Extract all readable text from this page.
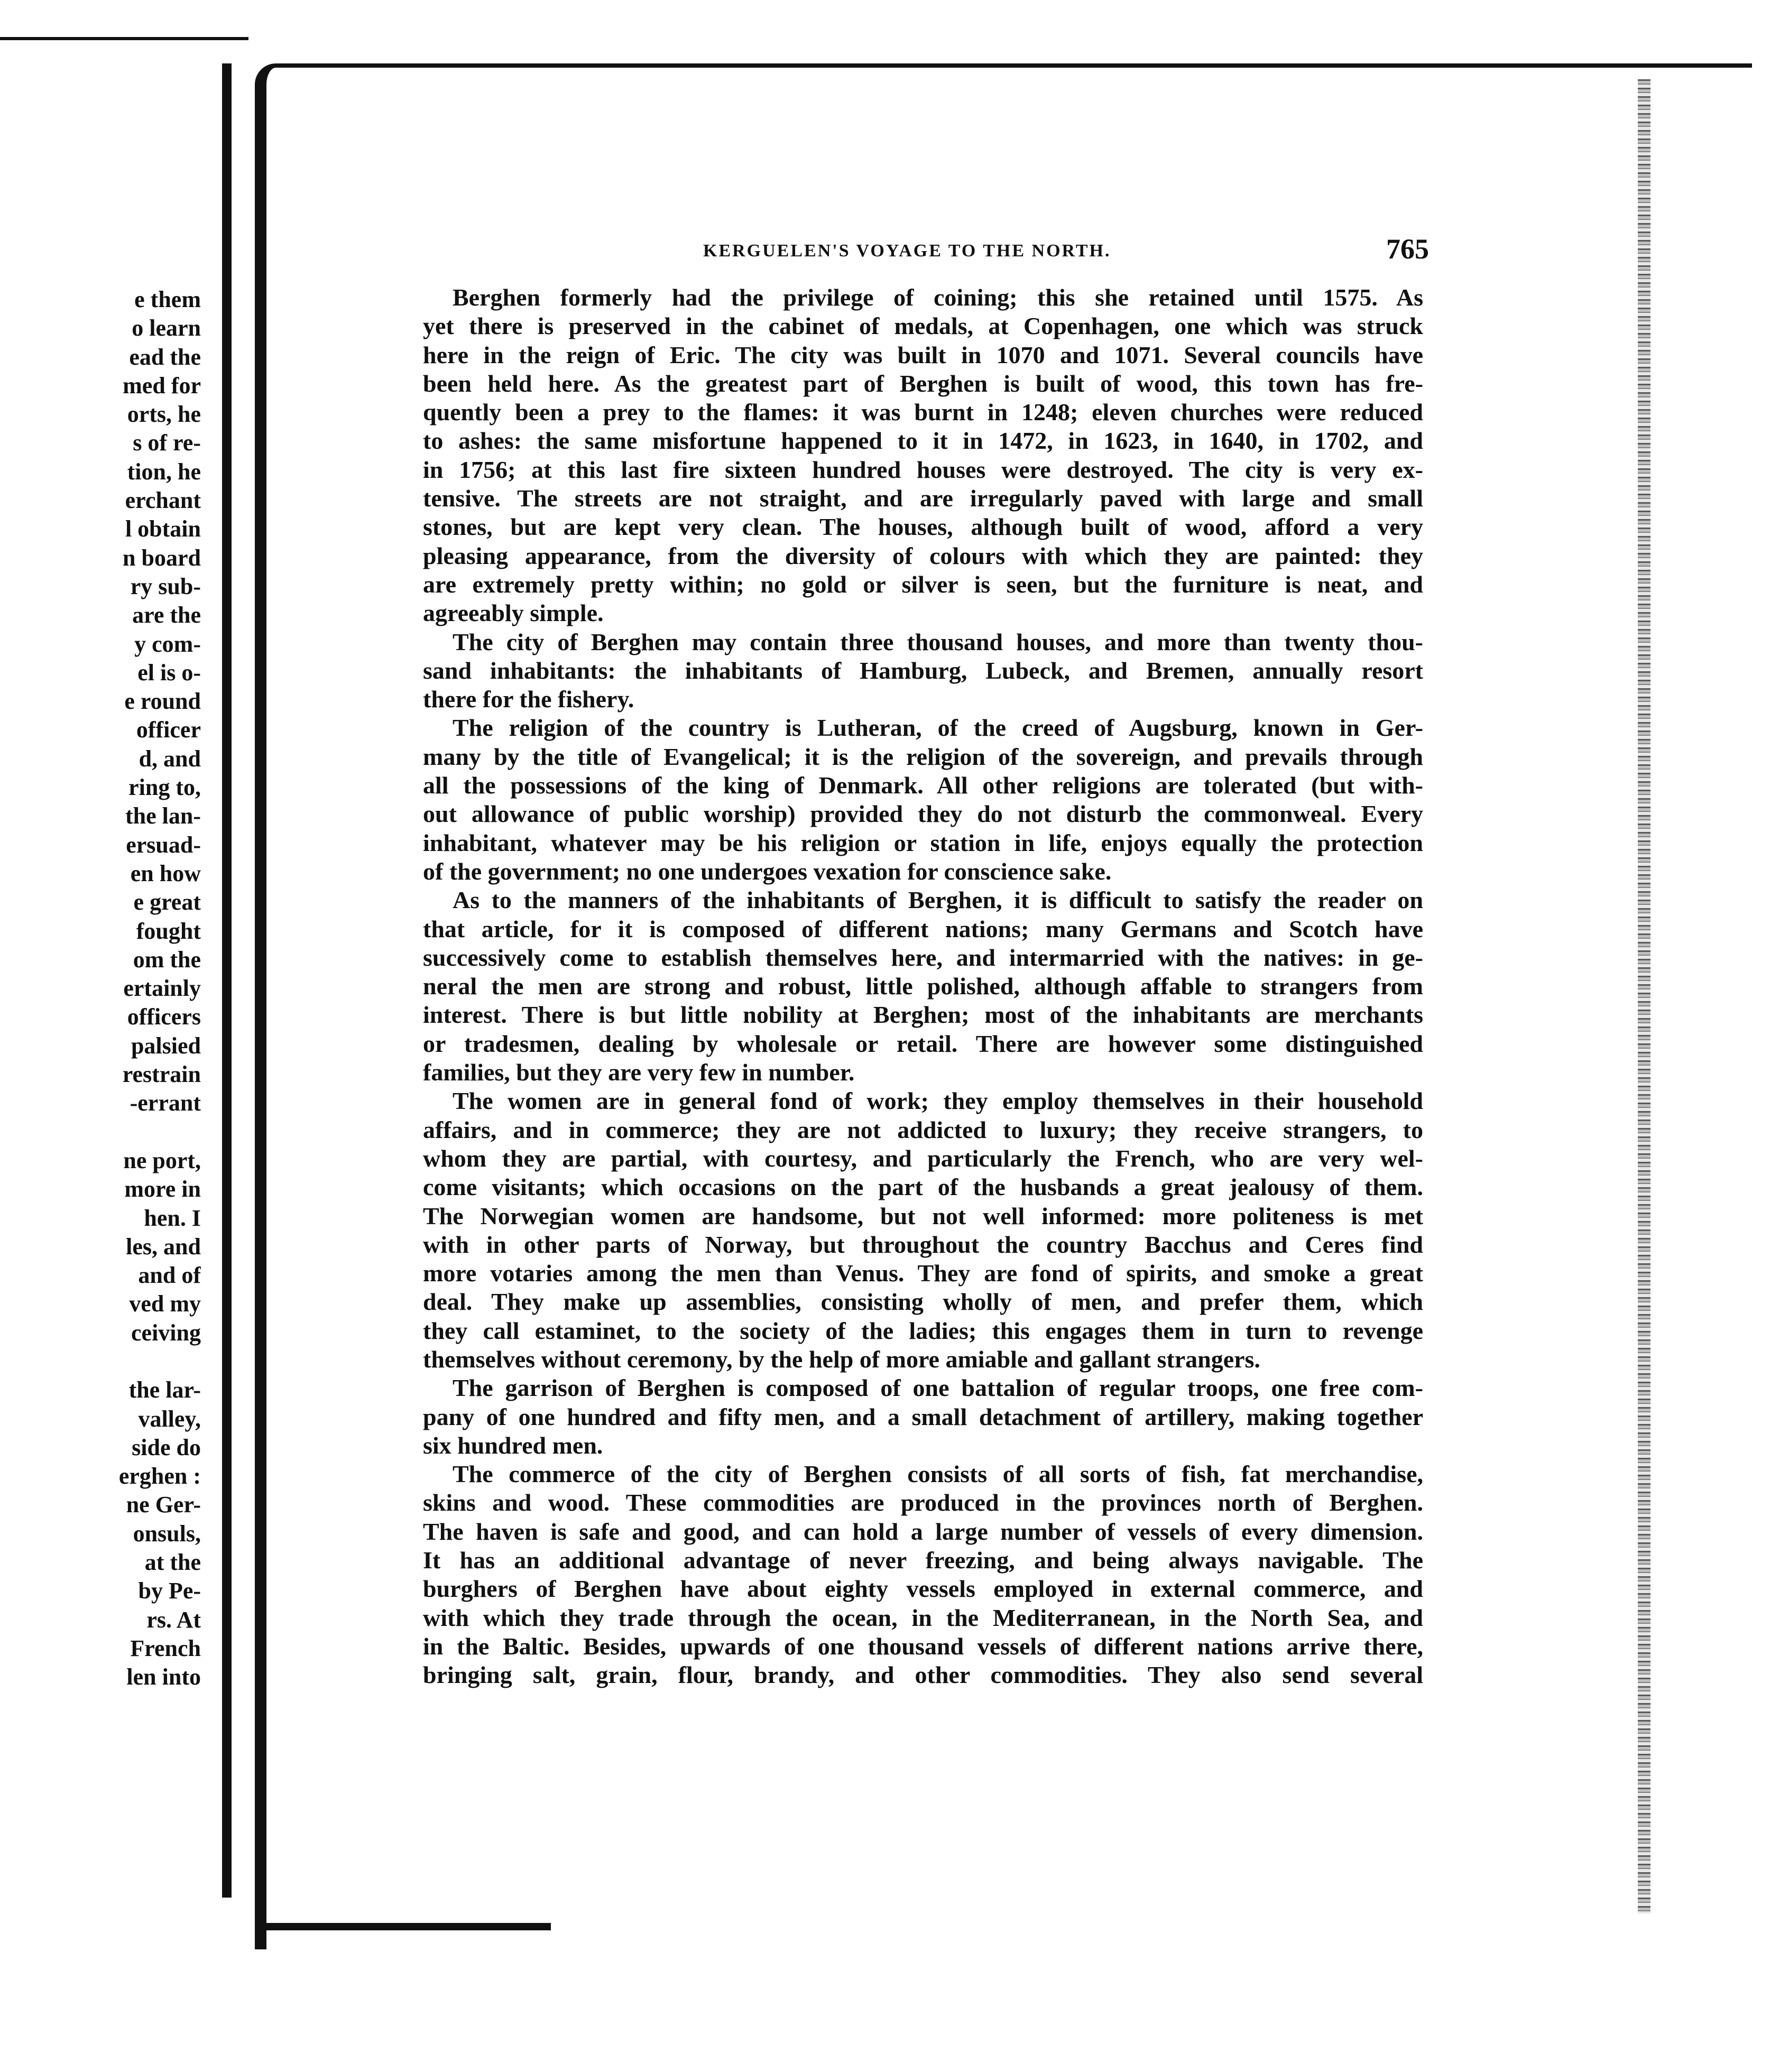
e them
o learn
ead the
med for
orts, he
s of re-
tion, he
erchant
l obtain
n board
ry sub-
are the
y com-
el is o-
e round
officer
d, and
ring to,
the lan-
ersuad-
en how
e great
fought
om the
ertainly
officers
palsied
restrain
-errant
ne port,
more in
hen. I
les, and
and of
ved my
ceiving
the lar-
valley,
side do
erghen :
ne Ger-
onsuls,
at the
by Pe-
rs. At
French
len into
KERGUELEN'S VOYAGE TO THE NORTH.	765
Berghen formerly had the privilege of coining; this she retained until 1575. As
yet there is preserved in the cabinet of medals, at Copenhagen, one which was struck
here in the reign of Eric. The city was built in 1070 and 1071. Several councils have
been held here. As the greatest part of Berghen is built of wood, this town has fre-
quently been a prey to the flames: it was burnt in 1248; eleven churches were reduced
to ashes: the same misfortune happened to it in 1472, in 1623, in 1640, in 1702, and
in 1756; at this last fire sixteen hundred houses were destroyed. The city is very ex-
tensive. The streets are not straight, and are irregularly paved with large and small
stones, but are kept very clean. The houses, although built of wood, afford a very
pleasing appearance, from the diversity of colours with which they are painted: they
are extremely pretty within; no gold or silver is seen, but the furniture is neat, and
agreeably simple.
The city of Berghen may contain three thousand houses, and more than twenty thou-
sand inhabitants: the inhabitants of Hamburg, Lubeck, and Bremen, annually resort
there for the fishery.
The religion of the country is Lutheran, of the creed of Augsburg, known in Ger-
many by the title of Evangelical; it is the religion of the sovereign, and prevails through
all the possessions of the king of Denmark. All other religions are tolerated (but with-
out allowance of public worship) provided they do not disturb the commonweal. Every
inhabitant, whatever may be his religion or station in life, enjoys equally the protection
of the government; no one undergoes vexation for conscience sake.
As to the manners of the inhabitants of Berghen, it is difficult to satisfy the reader on
that article, for it is composed of different nations; many Germans and Scotch have
successively come to establish themselves here, and intermarried with the natives: in ge-
neral the men are strong and robust, little polished, although affable to strangers from
interest. There is but little nobility at Berghen; most of the inhabitants are merchants
or tradesmen, dealing by wholesale or retail. There are however some distinguished
families, but they are very few in number.
The women are in general fond of work; they employ themselves in their household
affairs, and in commerce; they are not addicted to luxury; they receive strangers, to
whom they are partial, with courtesy, and particularly the French, who are very wel-
come visitants; which occasions on the part of the husbands a great jealousy of them.
The Norwegian women are handsome, but not well informed: more politeness is met
with in other parts of Norway, but throughout the country Bacchus and Ceres find
more votaries among the men than Venus. They are fond of spirits, and smoke a great
deal. They make up assemblies, consisting wholly of men, and prefer them, which
they call estaminet, to the society of the ladies; this engages them in turn to revenge
themselves without ceremony, by the help of more amiable and gallant strangers.
The garrison of Berghen is composed of one battalion of regular troops, one free com-
pany of one hundred and fifty men, and a small detachment of artillery, making together
six hundred men.
The commerce of the city of Berghen consists of all sorts of fish, fat merchandise,
skins and wood. These commodities are produced in the provinces north of Berghen.
The haven is safe and good, and can hold a large number of vessels of every dimension.
It has an additional advantage of never freezing, and being always navigable. The
burghers of Berghen have about eighty vessels employed in external commerce, and
with which they trade through the ocean, in the Mediterranean, in the North Sea, and
in the Baltic. Besides, upwards of one thousand vessels of different nations arrive there,
bringing salt, grain, flour, brandy, and other commodities. They also send several
